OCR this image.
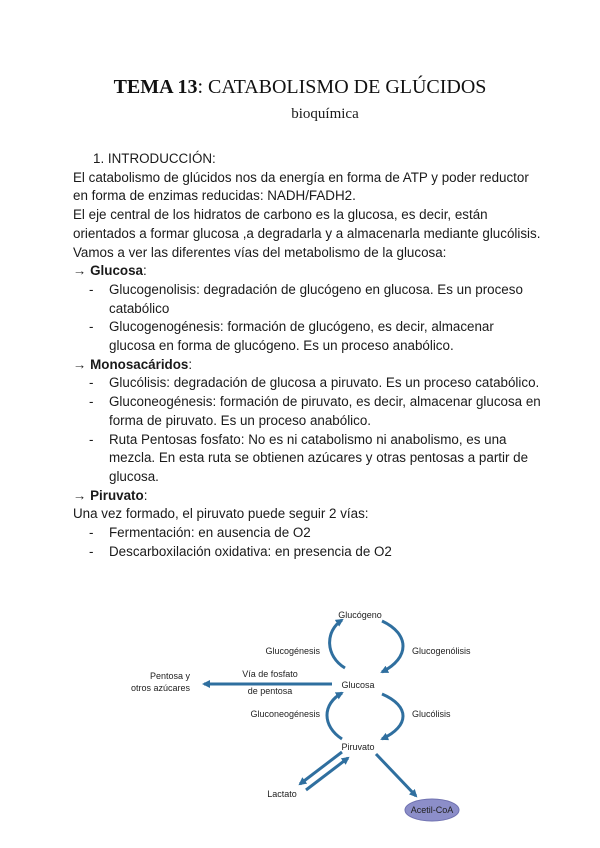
TEMA 13: CATABOLISMO DE GLÚCIDOS
bioquímica

1. INTRODUCCIÓN:

El catabolismo de glúcidos nos da energía en forma de ATP y poder reductor en forma de enzimas reducidas: NADH/FADH2.

El eje central de los hidratos de carbono es la glucosa, es decir, están orientados a formar glucosa ,a degradarla y a almacenarla mediante glucólisis. Vamos a ver las diferentes vías del metabolismo de la glucosa:

→ Glucosa:

- Glucogenolisis: degradación de glucógeno en glucosa. Es un proceso catabólico
- Glucogenogénesis: formación de glucógeno, es decir, almacenar glucosa en forma de glucógeno. Es un proceso anabólico.

→ Monosacáridos:

- Glucólisis: degradación de glucosa a piruvato. Es un proceso catabólico.
- Gluconeogénesis: formación de piruvato, es decir, almacenar glucosa en forma de piruvato. Es un proceso anabólico.
- Ruta Pentosas fosfato: No es ni catabolismo ni anabolismo, es una mezcla. En esta ruta se obtienen azúcares y otras pentosas a partir de glucosa.

→ Piruvato:

Una vez formado, el piruvato puede seguir 2 vías:

- Fermentación: en ausencia de O2
- Descarboxilación oxidativa: en presencia de O2
Glucógeno
Glucogénesis	Glucogenólisis
Pentosa y
otros azúcares
Vía de fosfato
de pentosa
Glucosa
Gluconeogénesis	Glucólisis
Piruvato
Lactato
Acetil-CoA
